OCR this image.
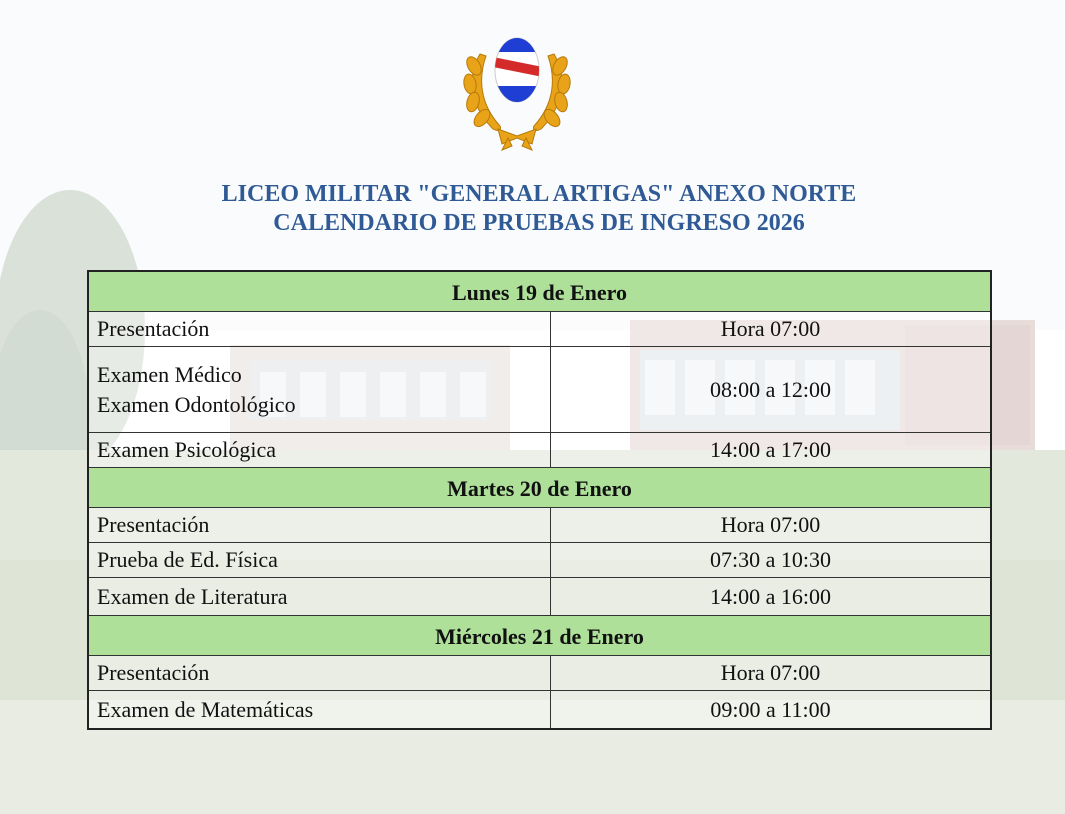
LICEO MILITAR "GENERAL ARTIGAS" ANEXO NORTE
CALENDARIO DE PRUEBAS DE INGRESO 2026
Lunes 19 de Enero	
Presentación	Hora 07:00

Examen Médico
Examen Odontológico	08:00 a 12:00
Examen Psicológica	14:00 a 17:00
Martes 20 de Enero	
Presentación	Hora 07:00
Prueba de Ed. Física	07:30 a 10:30
Examen de Literatura	14:00 a 16:00
Miércoles 21 de Enero	
Presentación	Hora 07:00
Examen de Matemáticas	09:00 a 11:00
